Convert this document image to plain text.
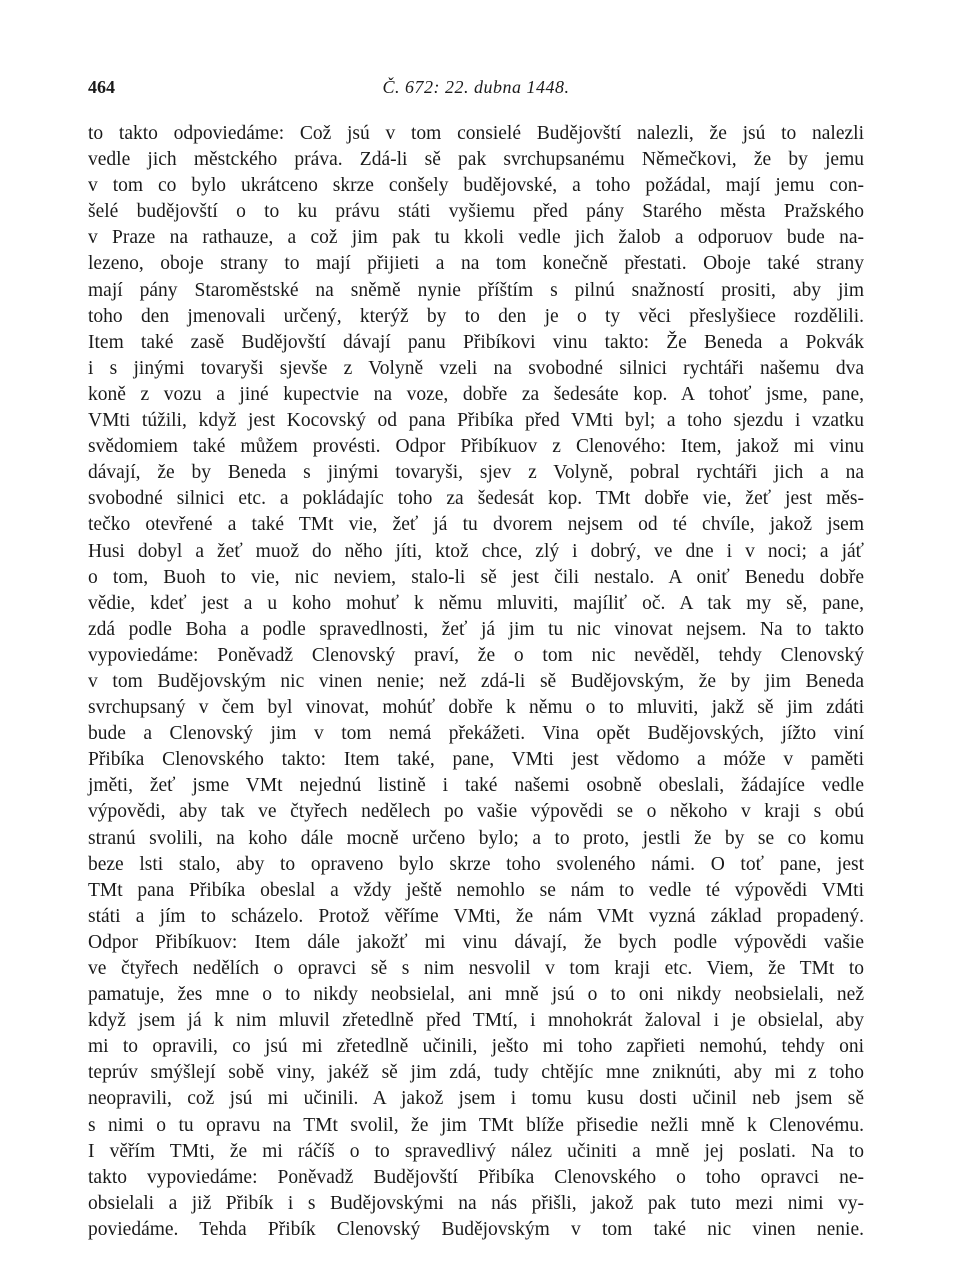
464	Č. 672: 22. dubna 1448.
to takto odpoviedáme: Což jsú v tom consielé Budějovští nalezli, že jsú to nalezli
vedle jich městckého práva. Zdá-li sě pak svrchupsanému Němečkovi, že by jemu
v tom co bylo ukrátceno skrze conšely budějovské, a toho požádal, mají jemu con-
šelé budějovští o to ku právu státi vyšiemu před pány Starého města Pražského
v Praze na rathauze, a což jim pak tu kkoli vedle jich žalob a odporuov bude na-
lezeno, oboje strany to mají přijieti a na tom konečně přestati. Oboje také strany
mají pány Staroměstské na sněmě nynie příštím s pilnú snažností prositi, aby jim
toho den jmenovali určený, kterýž by to den je o ty věci přeslyšiece rozdělili.
Item také zasě Budějovští dávají panu Přibíkovi vinu takto: Že Beneda a Pokvák
i s jinými tovaryši sjevše z Volyně vzeli na svobodné silnici rychtáři našemu dva
koně z vozu a jiné kupectvie na voze, dobře za šedesáte kop. A tohoť jsme, pane,
VMti túžili, když jest Kocovský od pana Přibíka před VMti byl; a toho sjezdu i vzatku
svědomiem také můžem provésti. Odpor Přibíkuov z Clenového: Item, jakož mi vinu
dávají, že by Beneda s jinými tovaryši, sjev z Volyně, pobral rychtáři jich a na
svobodné silnici etc. a pokládajíc toho za šedesát kop. TMt dobře vie, žeť jest měs-
tečko otevřené a také TMt vie, žeť já tu dvorem nejsem od té chvíle, jakož jsem
Husi dobyl a žeť muož do něho jíti, ktož chce, zlý i dobrý, ve dne i v noci; a jáť
o tom, Buoh to vie, nic neviem, stalo-li sě jest čili nestalo. A oniť Benedu dobře
vědie, kdeť jest a u koho mohuť k němu mluviti, majíliť oč. A tak my sě, pane,
zdá podle Boha a podle spravedlnosti, žeť já jim tu nic vinovat nejsem. Na to takto
vypoviedáme: Poněvadž Clenovský praví, že o tom nic nevěděl, tehdy Clenovský
v tom Budějovským nic vinen nenie; než zdá-li sě Budějovským, že by jim Beneda
svrchupsaný v čem byl vinovat, mohúť dobře k němu o to mluviti, jakž sě jim zdáti
bude a Clenovský jim v tom nemá překážeti. Vina opět Budějovských, jížto viní
Přibíka Clenovského takto: Item také, pane, VMti jest vědomo a móže v paměti
jměti, žeť jsme VMt nejednú listině i také našemi osobně obeslali, žádajíce vedle
výpovědi, aby tak ve čtyřech nedělech po vašie výpovědi se o někoho v kraji s obú
stranú svolili, na koho dále mocně určeno bylo; a to proto, jestli že by se co komu
beze lsti stalo, aby to opraveno bylo skrze toho svoleného námi. O toť pane, jest
TMt pana Přibíka obeslal a vždy ještě nemohlo se nám to vedle té výpovědi VMti
státi a jím to scházelo. Protož věříme VMti, že nám VMt vyzná základ propadený.
Odpor Přibíkuov: Item dále jakožť mi vinu dávají, že bych podle výpovědi vašie
ve čtyřech nedělích o opravci sě s nim nesvolil v tom kraji etc. Viem, že TMt to
pamatuje, žes mne o to nikdy neobsielal, ani mně jsú o to oni nikdy neobsielali, než
když jsem já k nim mluvil zřetedlně před TMtí, i mnohokrát žaloval i je obsielal, aby
mi to opravili, co jsú mi zřetedlně učinili, ješto mi toho zapřieti nemohú, tehdy oni
teprúv smýšlejí sobě viny, jakéž sě jim zdá, tudy chtějíc mne zniknúti, aby mi z toho
neopravili, což jsú mi učinili. A jakož jsem i tomu kusu dosti učinil neb jsem sě
s nimi o tu opravu na TMt svolil, že jim TMt blíže přisedie nežli mně k Clenovému.
I věřím TMti, že mi ráčíš o to spravedlivý nález učiniti a mně jej poslati. Na to
takto vypoviedáme: Poněvadž Budějovští Přibíka Clenovského o toho opravci ne-
obsielali a již Přibík i s Budějovskými na nás přišli, jakož pak tuto mezi nimi vy-
poviedáme. Tehda Přibík Clenovský Budějovským v tom také nic vinen nenie.
